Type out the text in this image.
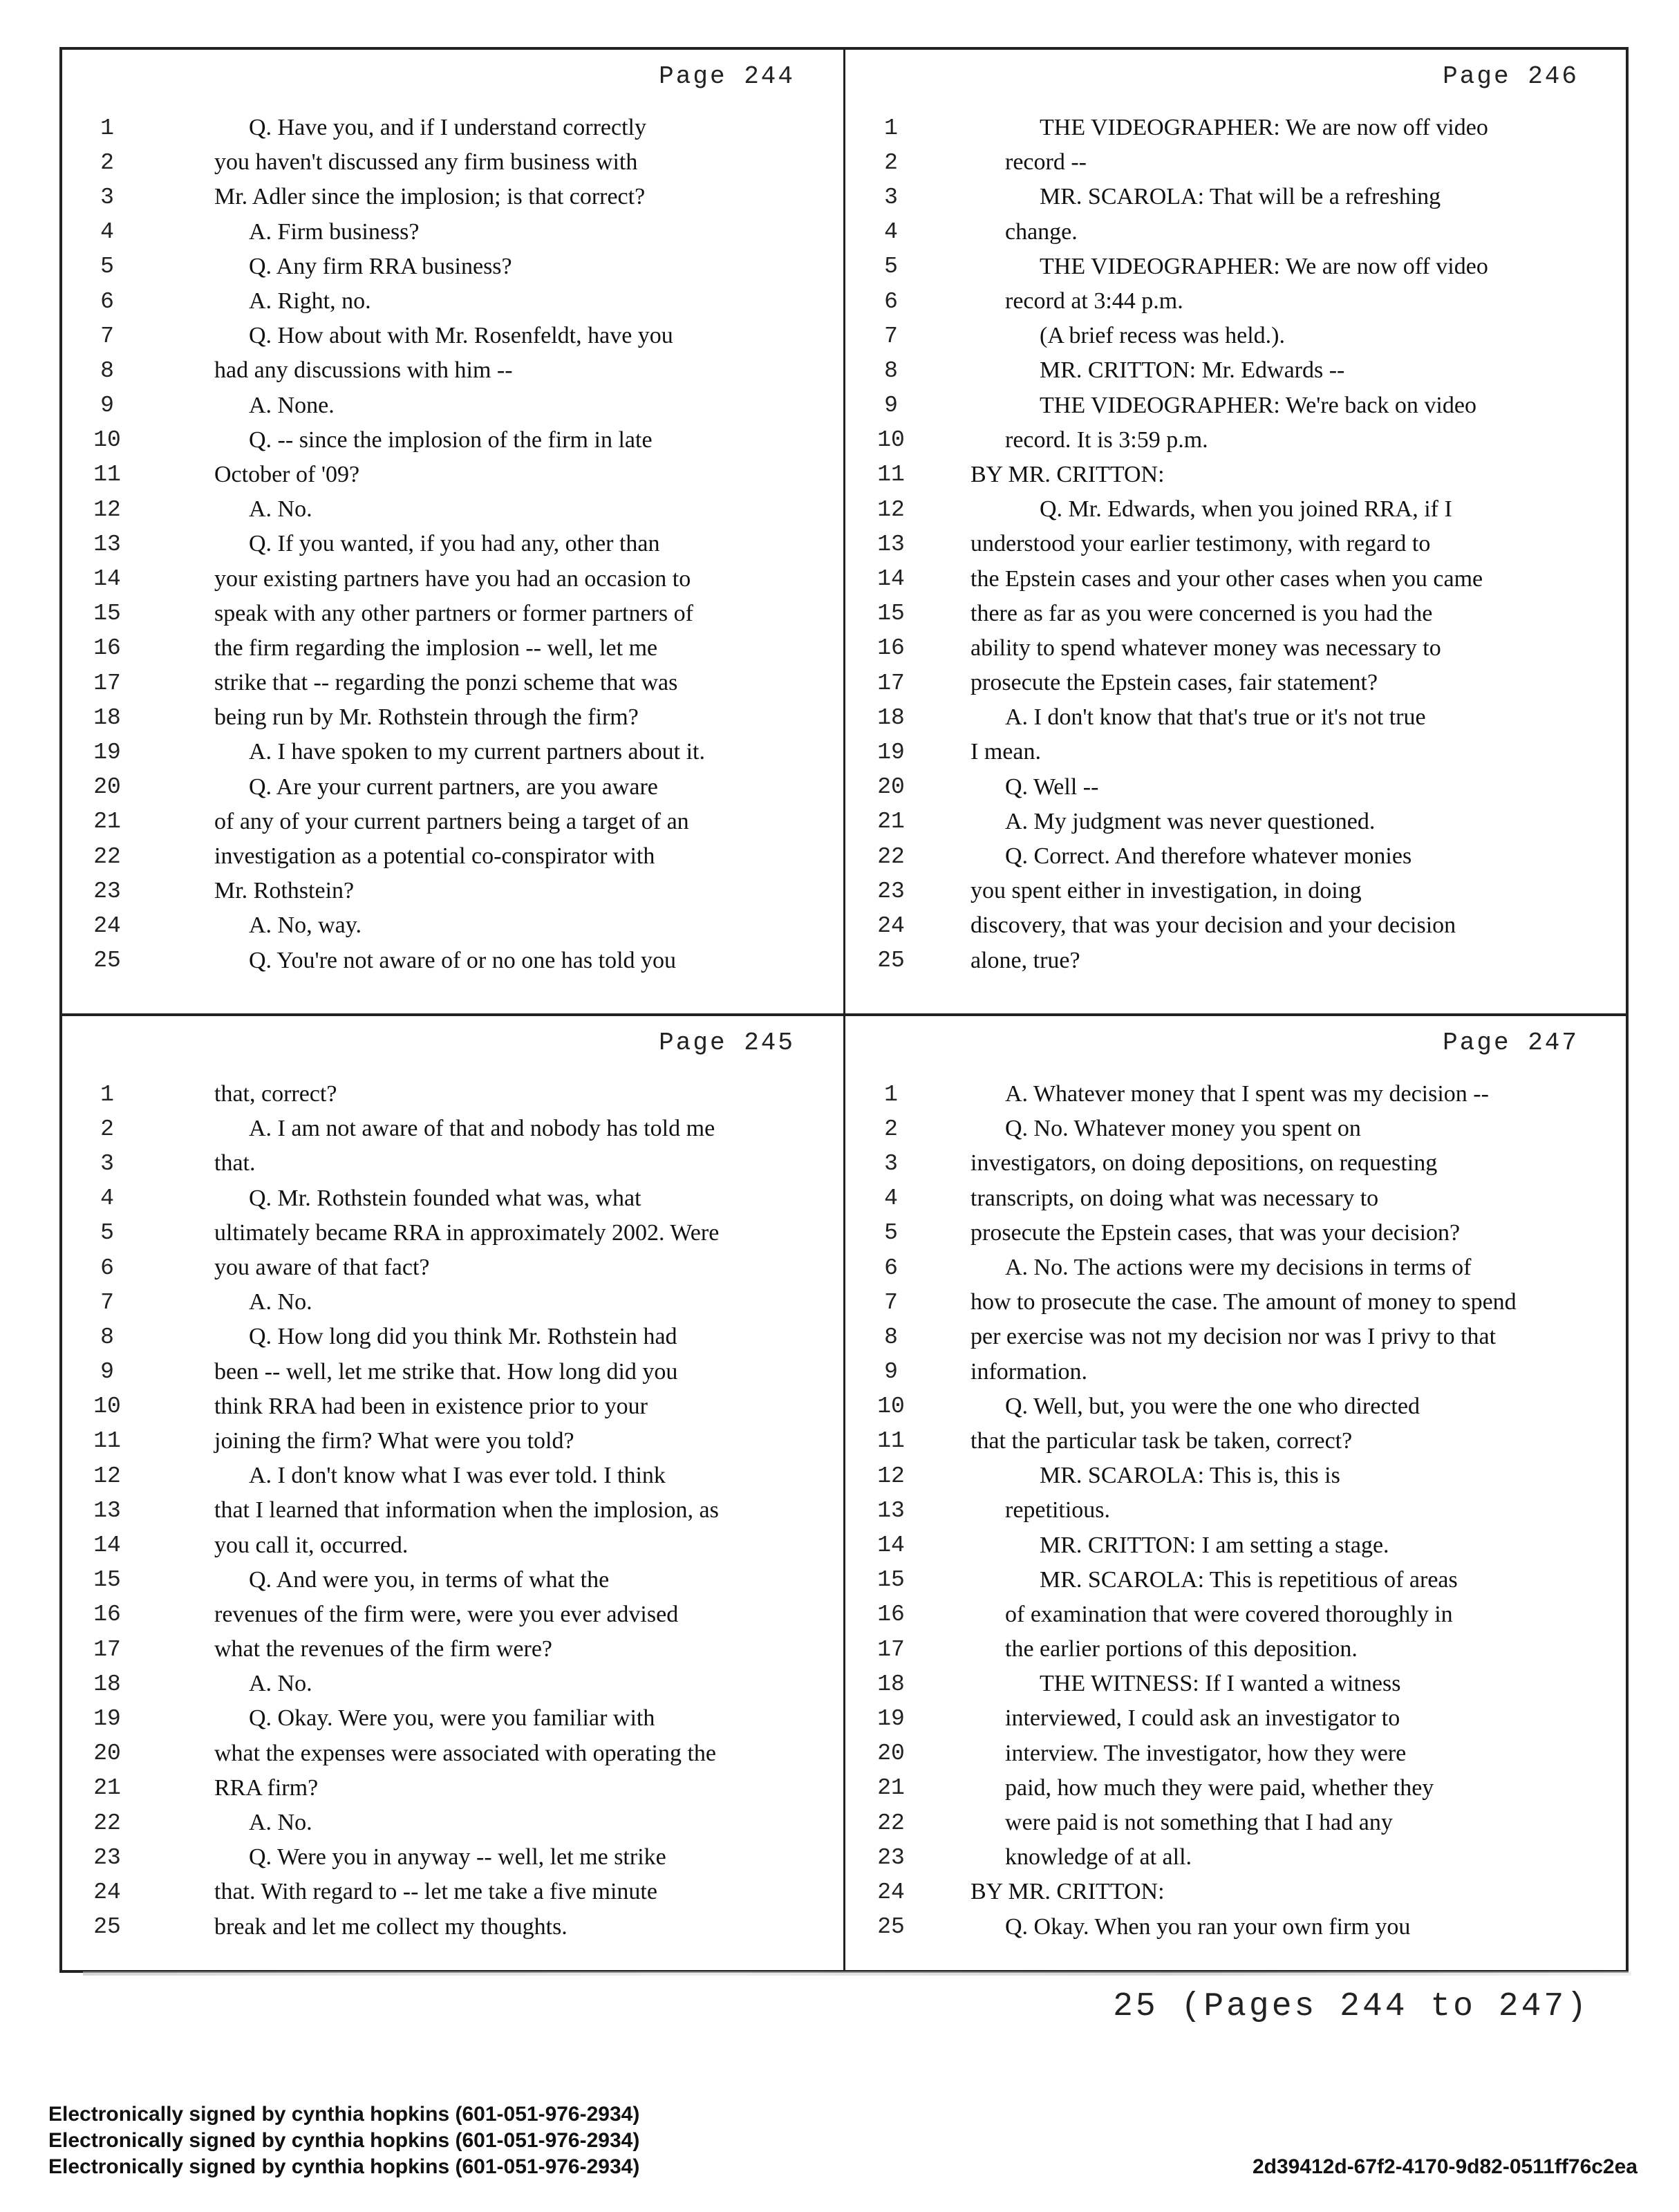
Page 244
1	Q. Have you, and if I understand correctly
2	you haven't discussed any firm business with
3	Mr. Adler since the implosion; is that correct?
4	A. Firm business?
5	Q. Any firm RRA business?
6	A. Right, no.
7	Q. How about with Mr. Rosenfeldt, have you
8	had any discussions with him --
9	A. None.
10	Q. -- since the implosion of the firm in late
11	October of '09?
12	A. No.
13	Q. If you wanted, if you had any, other than
14	your existing partners have you had an occasion to
15	speak with any other partners or former partners of
16	the firm regarding the implosion -- well, let me
17	strike that -- regarding the ponzi scheme that was
18	being run by Mr. Rothstein through the firm?
19	A. I have spoken to my current partners about it.
20	Q. Are your current partners, are you aware
21	of any of your current partners being a target of an
22	investigation as a potential co-conspirator with
23	Mr. Rothstein?
24	A. No, way.
25	Q. You're not aware of or no one has told you
Page 246
1	THE VIDEOGRAPHER: We are now off video
2	record --
3	MR. SCAROLA: That will be a refreshing
4	change.
5	THE VIDEOGRAPHER: We are now off video
6	record at 3:44 p.m.
7	(A brief recess was held.).
8	MR. CRITTON: Mr. Edwards --
9	THE VIDEOGRAPHER: We're back on video
10	record. It is 3:59 p.m.
11	BY MR. CRITTON:
12	Q. Mr. Edwards, when you joined RRA, if I
13	understood your earlier testimony, with regard to
14	the Epstein cases and your other cases when you came
15	there as far as you were concerned is you had the
16	ability to spend whatever money was necessary to
17	prosecute the Epstein cases, fair statement?
18	A. I don't know that that's true or it's not true
19	I mean.
20	Q. Well --
21	A. My judgment was never questioned.
22	Q. Correct. And therefore whatever monies
23	you spent either in investigation, in doing
24	discovery, that was your decision and your decision
25	alone, true?
Page 245
1	that, correct?
2	A. I am not aware of that and nobody has told me
3	that.
4	Q. Mr. Rothstein founded what was, what
5	ultimately became RRA in approximately 2002. Were
6	you aware of that fact?
7	A. No.
8	Q. How long did you think Mr. Rothstein had
9	been -- well, let me strike that. How long did you
10	think RRA had been in existence prior to your
11	joining the firm? What were you told?
12	A. I don't know what I was ever told. I think
13	that I learned that information when the implosion, as
14	you call it, occurred.
15	Q. And were you, in terms of what the
16	revenues of the firm were, were you ever advised
17	what the revenues of the firm were?
18	A. No.
19	Q. Okay. Were you, were you familiar with
20	what the expenses were associated with operating the
21	RRA firm?
22	A. No.
23	Q. Were you in anyway -- well, let me strike
24	that. With regard to -- let me take a five minute
25	break and let me collect my thoughts.
Page 247
1	A. Whatever money that I spent was my decision --
2	Q. No. Whatever money you spent on
3	investigators, on doing depositions, on requesting
4	transcripts, on doing what was necessary to
5	prosecute the Epstein cases, that was your decision?
6	A. No. The actions were my decisions in terms of
7	how to prosecute the case. The amount of money to spend
8	per exercise was not my decision nor was I privy to that
9	information.
10	Q. Well, but, you were the one who directed
11	that the particular task be taken, correct?
12	MR. SCAROLA: This is, this is
13	repetitious.
14	MR. CRITTON: I am setting a stage.
15	MR. SCAROLA: This is repetitious of areas
16	of examination that were covered thoroughly in
17	the earlier portions of this deposition.
18	THE WITNESS: If I wanted a witness
19	interviewed, I could ask an investigator to
20	interview. The investigator, how they were
21	paid, how much they were paid, whether they
22	were paid is not something that I had any
23	knowledge of at all.
24	BY MR. CRITTON:
25	Q. Okay. When you ran your own firm you
25 (Pages 244 to 247)
Electronically signed by cynthia hopkins (601-051-976-2934)
Electronically signed by cynthia hopkins (601-051-976-2934)
Electronically signed by cynthia hopkins (601-051-976-2934)	2d39412d-67f2-4170-9d82-0511ff76c2ea
